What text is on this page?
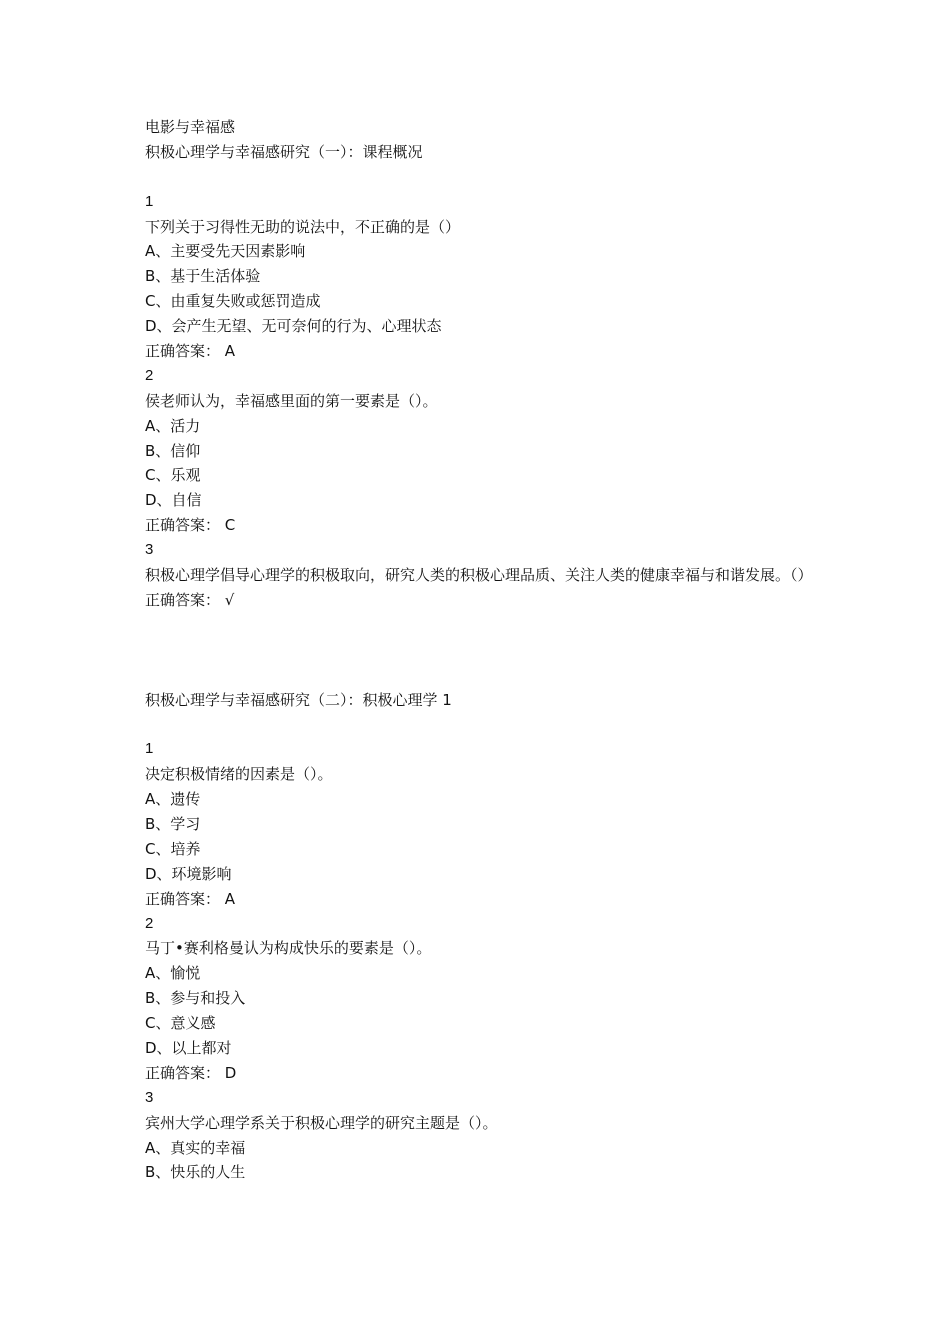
电影与幸福感
积极心理学与幸福感研究（一）：课程概况
1
下列关于习得性无助的说法中，不正确的是（）
A、主要受先天因素影响
B、基于生活体验
C、由重复失败或惩罚造成
D、会产生无望、无可奈何的行为、心理状态
正确答案： A
2
侯老师认为，幸福感里面的第一要素是（）。
A、活力
B、信仰
C、乐观
D、自信
正确答案： C
3
积极心理学倡导心理学的积极取向，研究人类的积极心理品质、关注人类的健康幸福与和谐发展。（）
正确答案： √
积极心理学与幸福感研究（二）：积极心理学 1
1
决定积极情绪的因素是（）。
A、遗传
B、学习
C、培养
D、环境影响
正确答案： A
2
马丁•赛利格曼认为构成快乐的要素是（）。
A、愉悦
B、参与和投入
C、意义感
D、以上都对
正确答案： D
3
宾州大学心理学系关于积极心理学的研究主题是（）。
A、真实的幸福
B、快乐的人生
